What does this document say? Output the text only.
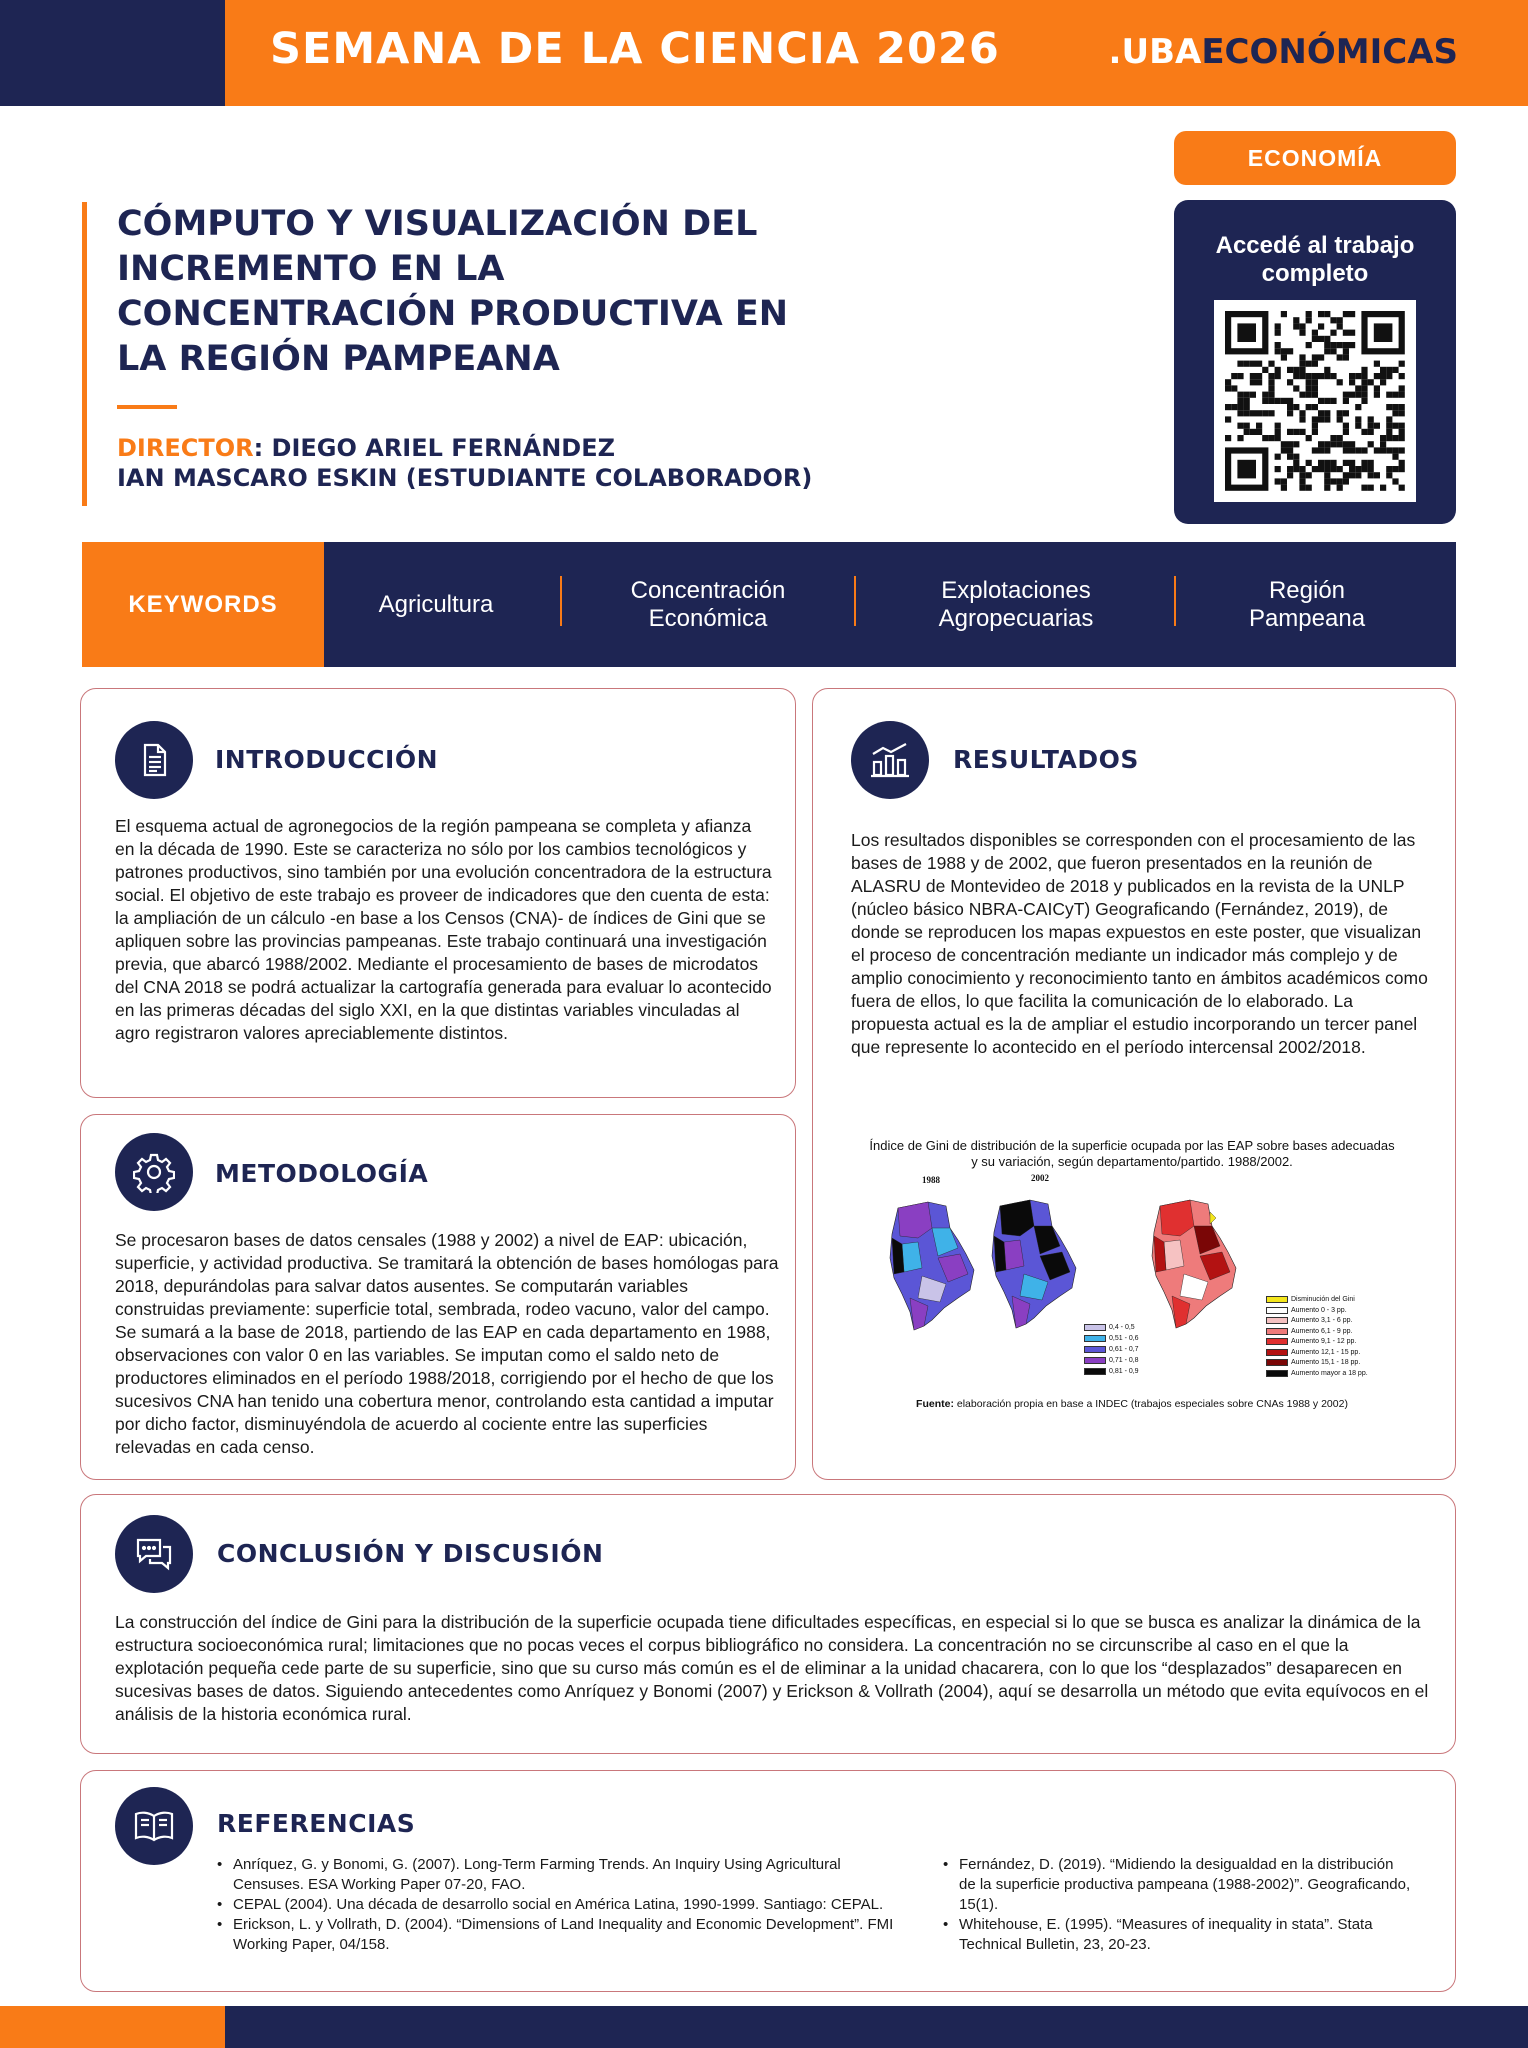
SEMANA DE LA CIENCIA 2026	.UBAECONÓMICAS
ECONOMÍA
Accedé al trabajo completo
CÓMPUTO Y VISUALIZACIÓN DEL
INCREMENTO EN LA
CONCENTRACIÓN PRODUCTIVA EN
LA REGIÓN PAMPEANA
DIRECTOR: DIEGO ARIEL FERNÁNDEZ
IAN MASCARO ESKIN (ESTUDIANTE COLABORADOR)
KEYWORDS	Agricultura
Concentración
Económica
Explotaciones
Agropecuarias
Región
Pampeana
INTRODUCCIÓN
El esquema actual de agronegocios de la región pampeana se completa y afianza en la década de 1990. Este se caracteriza no sólo por los cambios tecnológicos y patrones productivos, sino también por una evolución concentradora de la estructura social. El objetivo de este trabajo es proveer de indicadores que den cuenta de esta: la ampliación de un cálculo -en base a los Censos (CNA)- de índices de Gini que se apliquen sobre las provincias pampeanas. Este trabajo continuará una investigación previa, que abarcó 1988/2002. Mediante el procesamiento de bases de microdatos del CNA 2018 se podrá actualizar la cartografía generada para evaluar lo acontecido en las primeras décadas del siglo XXI, en la que distintas variables vinculadas al agro registraron valores apreciablemente distintos.
METODOLOGÍA
Se procesaron bases de datos censales (1988 y 2002) a nivel de EAP: ubicación, superficie, y actividad productiva. Se tramitará la obtención de bases homólogas para 2018, depurándolas para salvar datos ausentes. Se computarán variables construidas previamente: superficie total, sembrada, rodeo vacuno, valor del campo. Se sumará a la base de 2018, partiendo de las EAP en cada departamento en 1988, observaciones con valor 0 en las variables. Se imputan como el saldo neto de productores eliminados en el período 1988/2018, corrigiendo por el hecho de que los sucesivos CNA han tenido una cobertura menor, controlando esta cantidad a imputar por dicho factor, disminuyéndola de acuerdo al cociente entre las superficies relevadas en cada censo.
RESULTADOS
Los resultados disponibles se corresponden con el procesamiento de las bases de 1988 y de 2002, que fueron presentados en la reunión de ALASRU de Montevideo de 2018 y publicados en la revista de la UNLP (núcleo básico NBRA-CAICyT) Geograficando (Fernández, 2019), de donde se reproducen los mapas expuestos en este poster, que visualizan el proceso de concentración mediante un indicador más complejo y de amplio conocimiento y reconocimiento tanto en ámbitos académicos como fuera de ellos, lo que facilita la comunicación de lo elaborado. La propuesta actual es la de ampliar el estudio incorporando un tercer panel que represente lo acontecido en el período intercensal 2002/2018.
Índice de Gini de distribución de la superficie ocupada por las EAP sobre bases adecuadas
y su variación, según departamento/partido. 1988/2002.
1988	2002
0,4 - 0,5
0,51 - 0,6
0,61 - 0,7
0,71 - 0,8
0,81 - 0,9
Disminución del Gini
Aumento 0 - 3 pp.
Aumento 3,1 - 6 pp.
Aumento 6,1 - 9 pp.
Aumento 9,1 - 12 pp.
Aumento 12,1 - 15 pp.
Aumento 15,1 - 18 pp.
Aumento mayor a 18 pp.
Fuente: elaboración propia en base a INDEC (trabajos especiales sobre CNAs 1988 y 2002)
CONCLUSIÓN Y DISCUSIÓN
La construcción del índice de Gini para la distribución de la superficie ocupada tiene dificultades específicas, en especial si lo que se busca es analizar la dinámica de la estructura socioeconómica rural; limitaciones que no pocas veces el corpus bibliográfico no considera. La concentración no se circunscribe al caso en el que la explotación pequeña cede parte de su superficie, sino que su curso más común es el de eliminar a la unidad chacarera, con lo que los “desplazados” desaparecen en sucesivas bases de datos. Siguiendo antecedentes como Anríquez y Bonomi (2007) y Erickson & Vollrath (2004), aquí se desarrolla un método que evita equívocos en el análisis de la historia económica rural.
REFERENCIAS
• Anríquez, G. y Bonomi, G. (2007). Long-Term Farming Trends. An Inquiry Using Agricultural Censuses. ESA Working Paper 07-20, FAO.
• CEPAL (2004). Una década de desarrollo social en América Latina, 1990-1999. Santiago: CEPAL.
• Erickson, L. y Vollrath, D. (2004). “Dimensions of Land Inequality and Economic Development”. FMI Working Paper, 04/158.
• Fernández, D. (2019). “Midiendo la desigualdad en la distribución de la superficie productiva pampeana (1988-2002)”. Geograficando, 15(1).
• Whitehouse, E. (1995). “Measures of inequality in stata”. Stata Technical Bulletin, 23, 20-23.
